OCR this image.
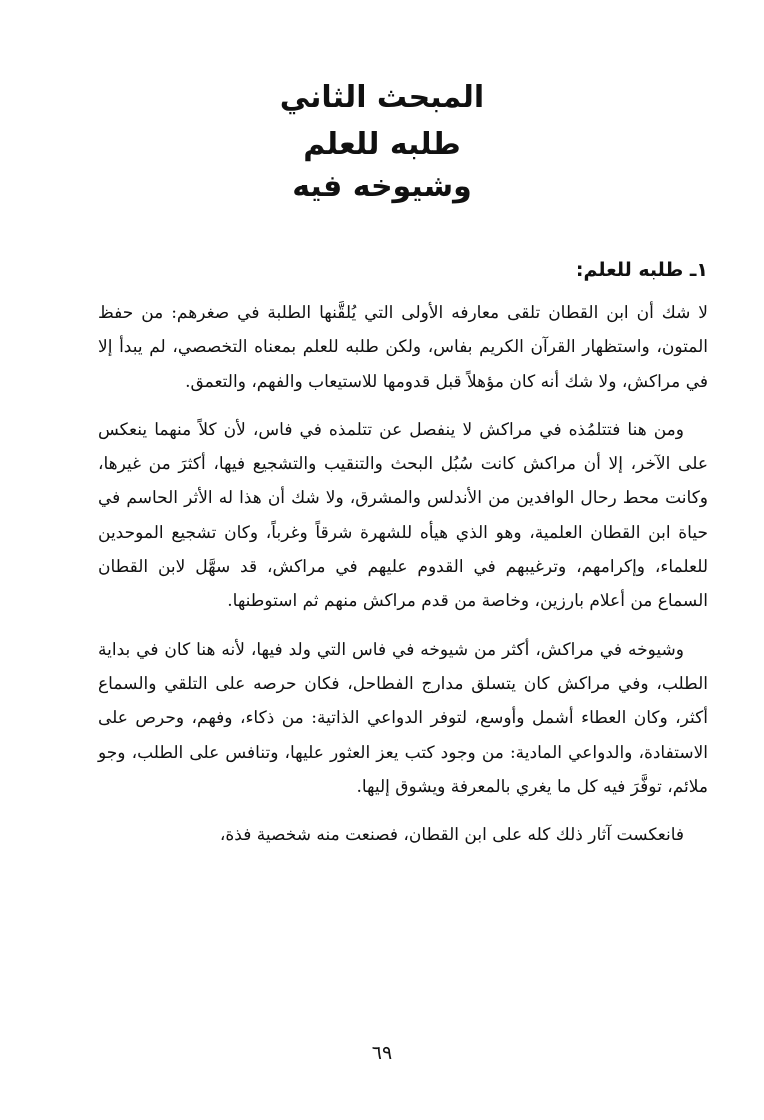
المبحث الثاني
طلبه للعلم
وشيوخه فيه
١ـ طلبه للعلم:

لا شك أن ابن القطان تلقى معارفه الأولى التي يُلقَّنها الطلبة في صغرهم: من حفظ المتون، واستظهار القرآن الكريم بفاس، ولكن طلبه للعلم بمعناه التخصصي، لم يبدأ إلا في مراكش، ولا شك أنه كان مؤهلاً قبل قدومها للاستيعاب والفهم، والتعمق.

ومن هنا فتتلمُذه في مراكش لا ينفصل عن تتلمذه في فاس، لأن كلاً منهما ينعكس على الآخر، إلا أن مراكش كانت سُبُل البحث والتنقيب والتشجيع فيها، أكثرَ من غيرها، وكانت محط رحال الوافدين من الأندلس والمشرق، ولا شك أن هذا له الأثر الحاسم في حياة ابن القطان العلمية، وهو الذي هيأه للشهرة شرقاً وغرباً، وكان تشجيع الموحدين للعلماء، وإكرامهم، وترغيبهم في القدوم عليهم في مراكش، قد سهَّل لابن القطان السماع من أعلام بارزين، وخاصة من قدم مراكش منهم ثم استوطنها.

وشيوخه في مراكش، أكثر من شيوخه في فاس التي ولد فيها، لأنه هنا كان في بداية الطلب، وفي مراكش كان يتسلق مدارج الفطاحل، فكان حرصه على التلقي والسماع أكثر، وكان العطاء أشمل وأوسع، لتوفر الدواعي الذاتية: من ذكاء، وفهم، وحرص على الاستفادة، والدواعي المادية: من وجود كتب يعز العثور عليها، وتنافس على الطلب، وجو ملائم، توفَّرَ فيه كل ما يغري بالمعرفة ويشوق إليها.

فانعكست آثار ذلك كله على ابن القطان، فصنعت منه شخصية فذة،

٦٩
